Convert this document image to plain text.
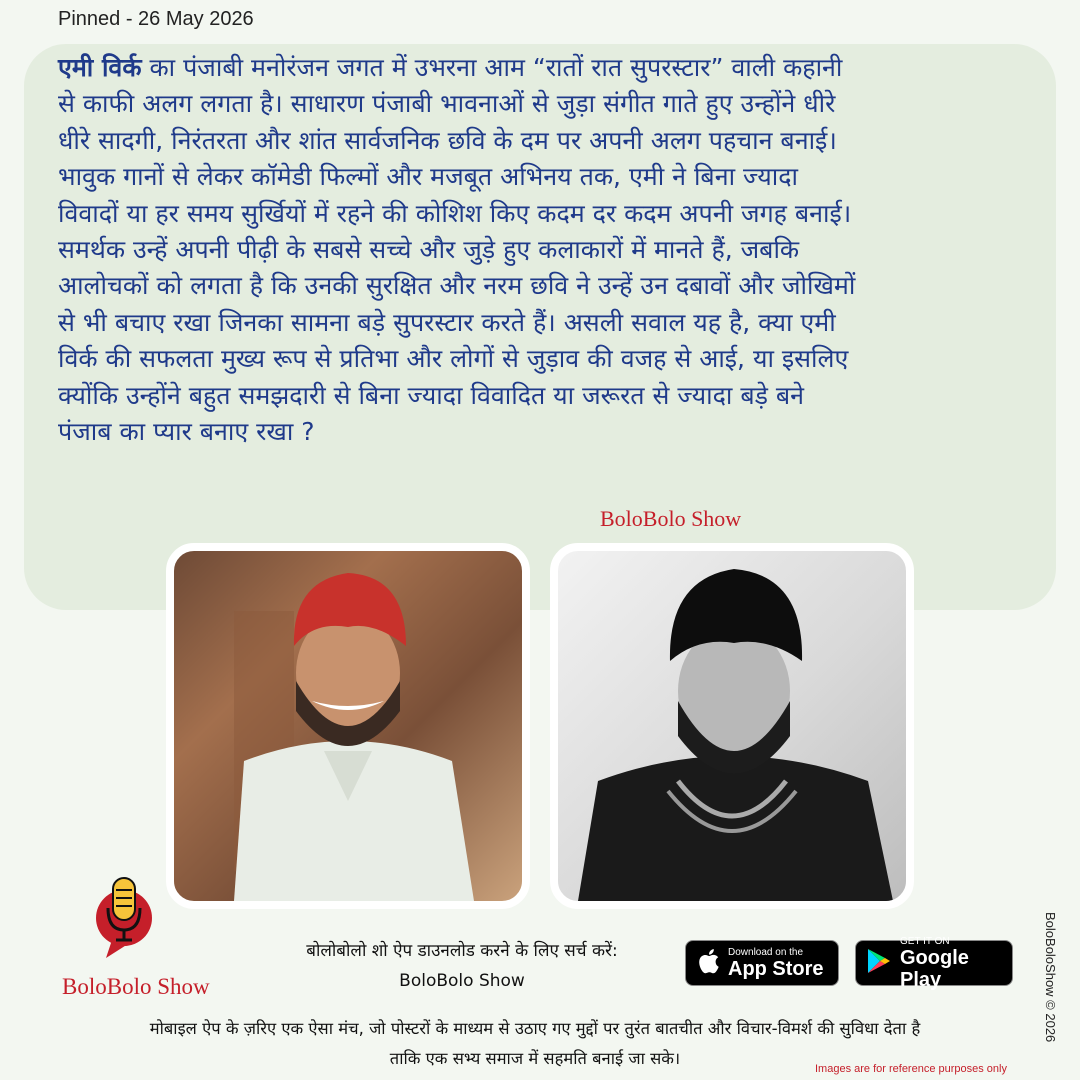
Pinned - 26 May 2026

एमी विर्क का पंजाबी मनोरंजन जगत में उभरना आम “रातों रात सुपरस्टार” वाली कहानी
से काफी अलग लगता है। साधारण पंजाबी भावनाओं से जुड़ा संगीत गाते हुए उन्होंने धीरे
धीरे सादगी, निरंतरता और शांत सार्वजनिक छवि के दम पर अपनी अलग पहचान बनाई।
भावुक गानों से लेकर कॉमेडी फिल्मों और मजबूत अभिनय तक, एमी ने बिना ज्यादा
विवादों या हर समय सुर्खियों में रहने की कोशिश किए कदम दर कदम अपनी जगह बनाई।
समर्थक उन्हें अपनी पीढ़ी के सबसे सच्चे और जुड़े हुए कलाकारों में मानते हैं, जबकि
आलोचकों को लगता है कि उनकी सुरक्षित और नरम छवि ने उन्हें उन दबावों और जोखिमों
से भी बचाए रखा जिनका सामना बड़े सुपरस्टार करते हैं। असली सवाल यह है, क्या एमी
विर्क की सफलता मुख्य रूप से प्रतिभा और लोगों से जुड़ाव की वजह से आई, या इसलिए
क्योंकि उन्होंने बहुत समझदारी से बिना ज्यादा विवादित या जरूरत से ज्यादा बड़े बने
पंजाब का प्यार बनाए रखा ?

BoloBolo Show
BoloBolo Show
बोलोबोलो शो ऐप डाउनलोड करने के लिए सर्च करें:
BoloBolo Show
Download on the
App Store
GET IT ON
Google Play
मोबाइल ऐप के ज़रिए एक ऐसा मंच, जो पोस्टरों के माध्यम से उठाए गए मुद्दों पर तुरंत बातचीत और विचार-विमर्श की सुविधा देता है
ताकि एक सभ्य समाज में सहमति बनाई जा सके।
BoloBoloShow © 2026
Images are for reference purposes only
